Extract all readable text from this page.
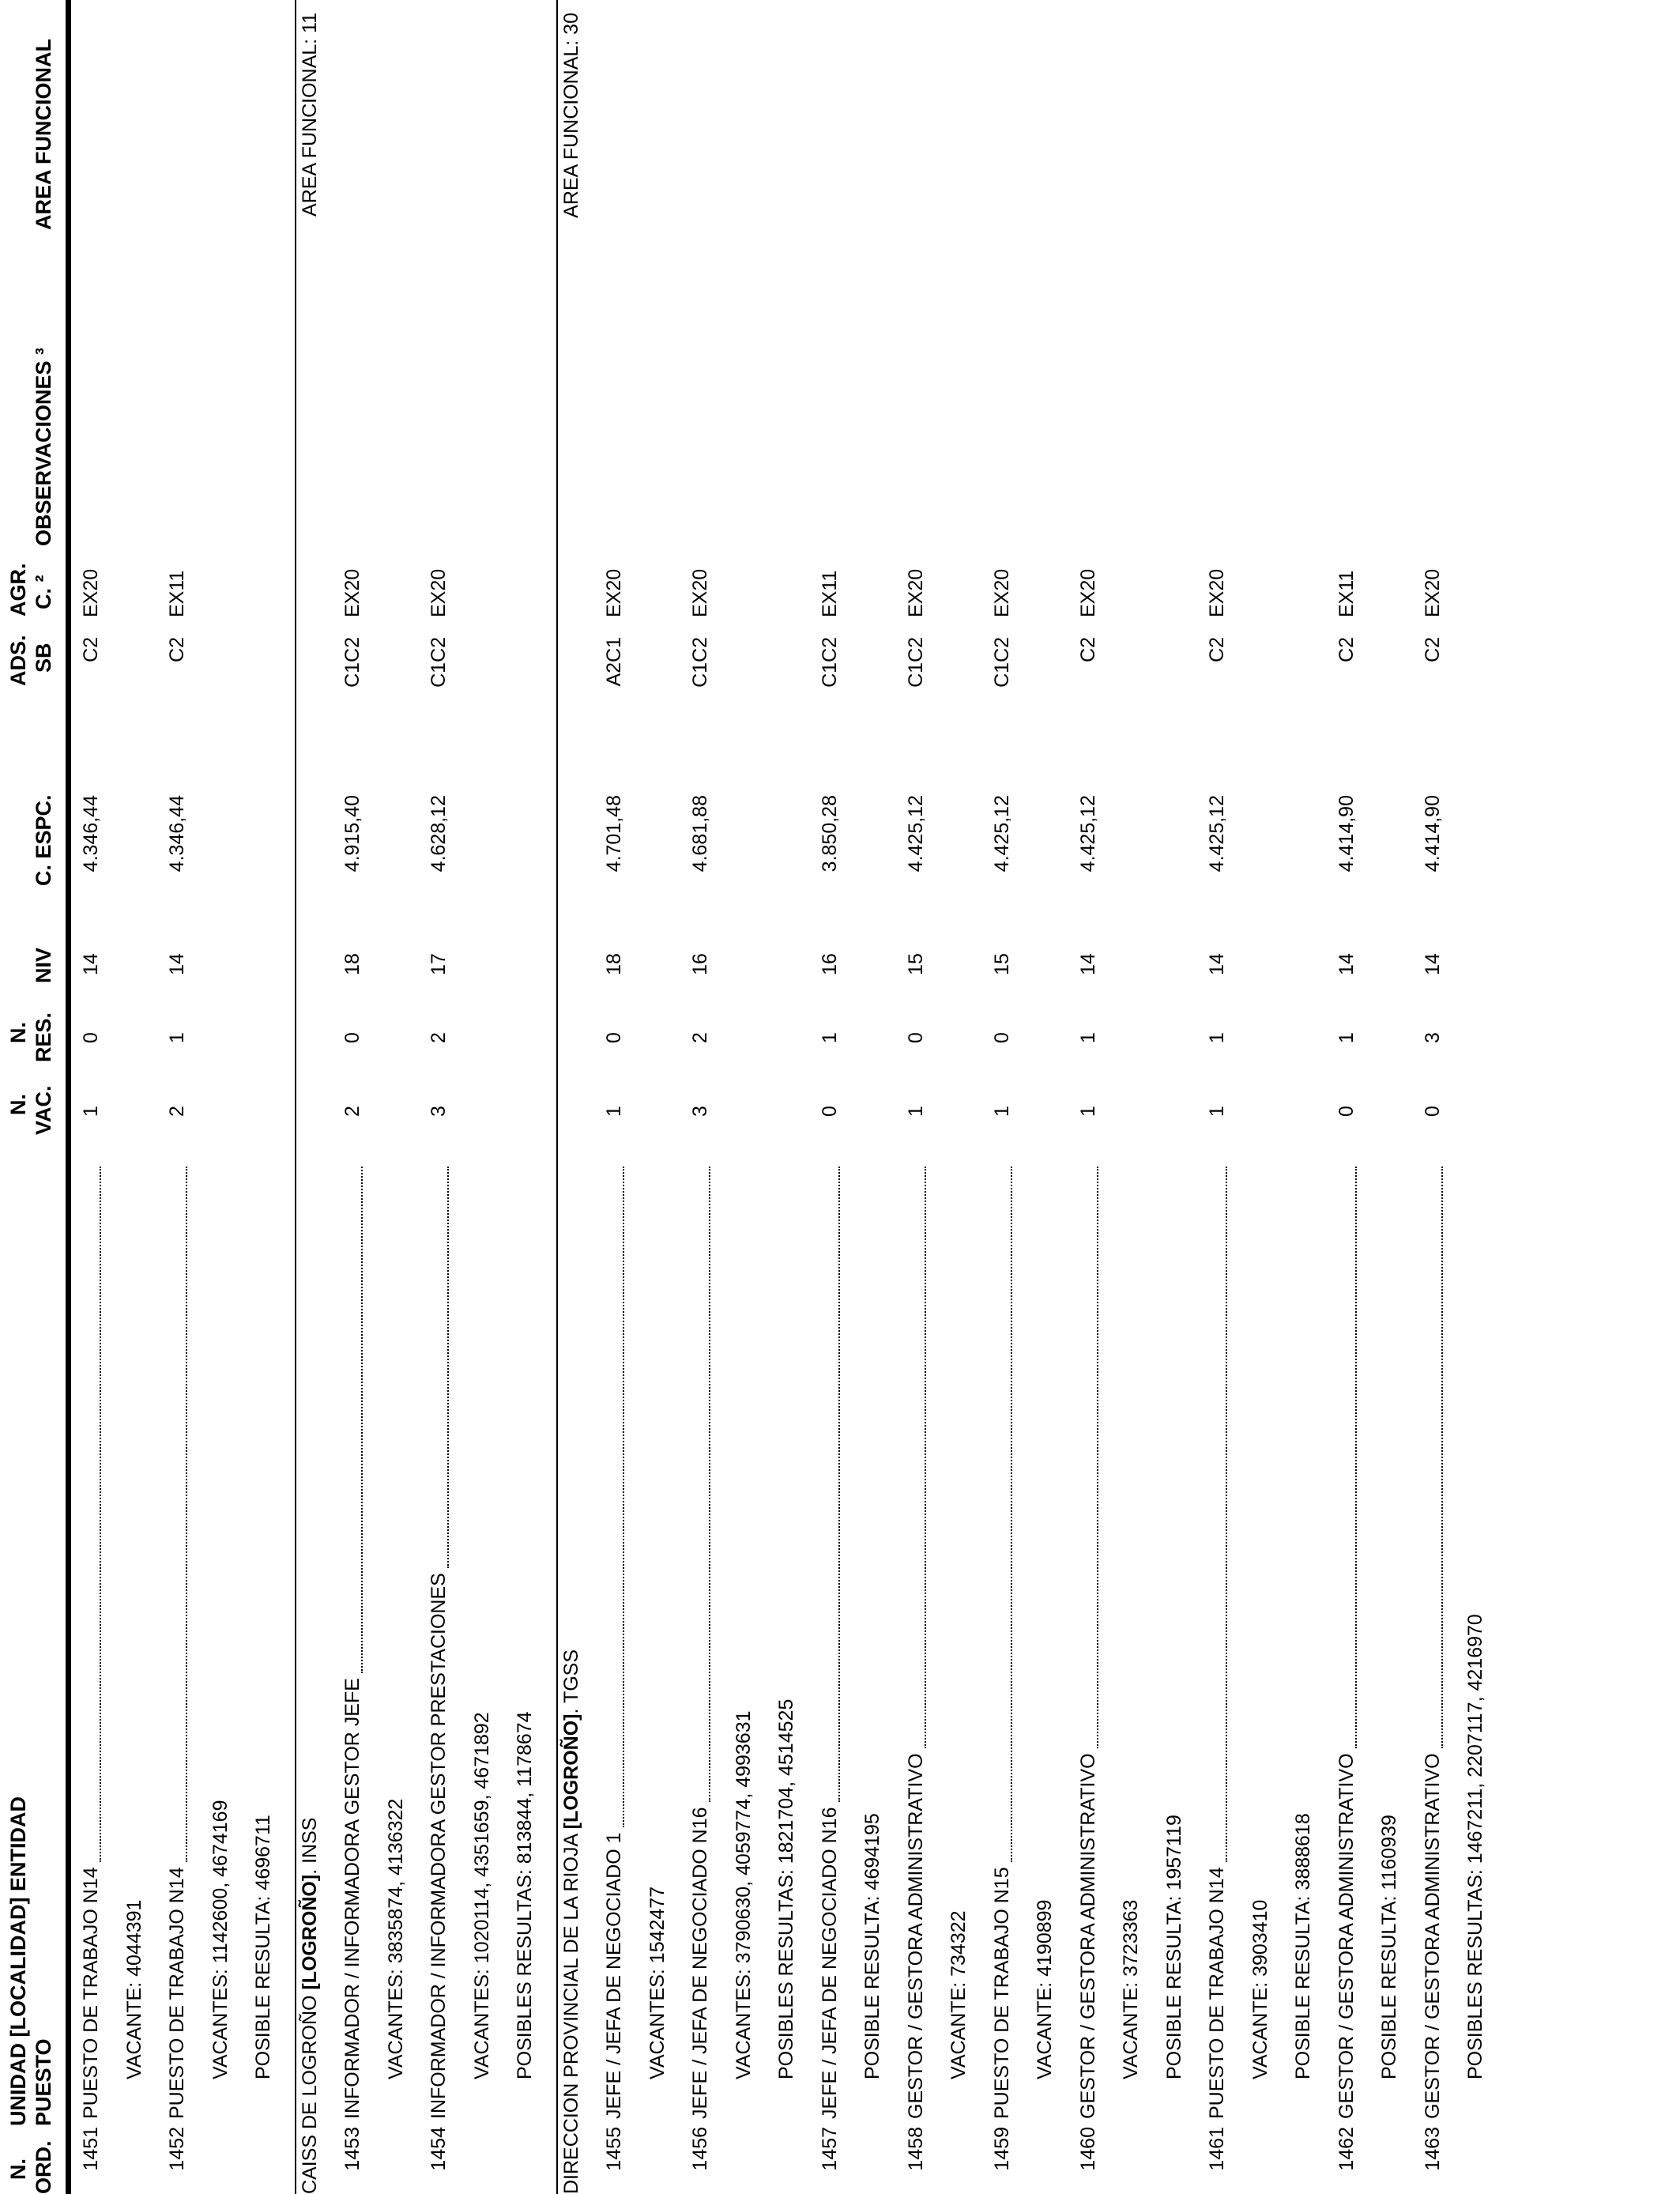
N. ORD.
UNIDAD [LOCALIDAD] ENTIDAD PUESTO
N. VAC.
N. RES.
NIV
C. ESPC.
ADS. SB
AGR. C. ²
OBSERVACIONES ³
AREA FUNCIONAL
1451
PUESTO DE TRABAJO N14
1
0
14
4.346,44
C2
EX20
VACANTE: 4044391
1452
PUESTO DE TRABAJO N14
2
1
14
4.346,44
C2
EX11
VACANTES: 1142600, 4674169 POSIBLE RESULTA: 4696711
CAISS DE LOGROÑO [LOGROÑO]. INSS
AREA FUNCIONAL: 11
1453
INFORMADOR / INFORMADORA GESTOR JEFE
2
0
18
4.915,40
C1C2
EX20
VACANTES: 3835874, 4136322
1454
INFORMADOR / INFORMADORA GESTOR PRESTACIONES
3
2
17
4.628,12
C1C2
EX20
VACANTES: 1020114, 4351659, 4671892 POSIBLES RESULTAS: 813844, 1178674 DIRECCION PROVINCIAL DE LA RIOJA [LOGROÑO]. TGSS
AREA FUNCIONAL: 30
1455
JEFE / JEFA DE NEGOCIADO 1
1
0
18
4.701,48
A2C1
EX20
VACANTES: 1542477
1456
JEFE / JEFA DE NEGOCIADO N16
3
2
16
4.681,88
C1C2
EX20
VACANTES: 3790630, 4059774, 4993631 POSIBLES RESULTAS: 1821704, 4514525
1457
JEFE / JEFA DE NEGOCIADO N16
0
1
16
3.850,28
C1C2
EX11
POSIBLE RESULTA: 4694195
1458
GESTOR / GESTORA ADMINISTRATIVO
1
0
15
4.425,12
C1C2
EX20
VACANTE: 734322
1459
PUESTO DE TRABAJO N15
1
0
15
4.425,12
C1C2
EX20
VACANTE: 4190899
1460
GESTOR / GESTORA ADMINISTRATIVO
1
1
14
4.425,12
C2
EX20
VACANTE: 3723363 POSIBLE RESULTA: 1957119
1461
PUESTO DE TRABAJO N14
1
1
14
4.425,12
C2
EX20
VACANTE: 3903410 POSIBLE RESULTA: 3888618
1462
GESTOR / GESTORA ADMINISTRATIVO
0
1
14
4.414,90
C2
EX11
POSIBLE RESULTA: 1160939
1463
GESTOR / GESTORA ADMINISTRATIVO
0
3
14
4.414,90
C2
EX20
POSIBLES RESULTAS: 1467211, 2207117, 4216970
